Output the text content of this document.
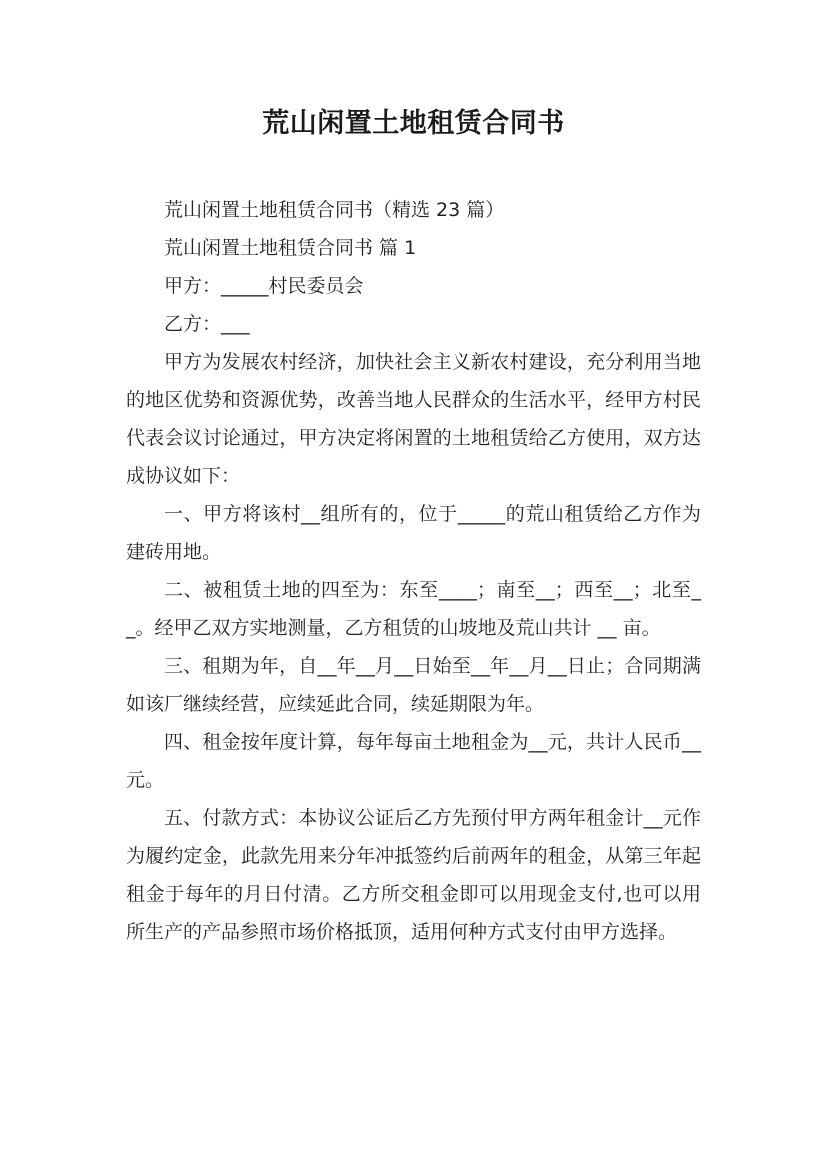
荒山闲置土地租赁合同书

荒山闲置土地租赁合同书（精选 23 篇）

荒山闲置土地租赁合同书 篇 1

甲方：_____村民委员会

乙方：___

甲方为发展农村经济，加快社会主义新农村建设，充分利用当地的地区优势和资源优势，改善当地人民群众的生活水平，经甲方村民代表会议讨论通过，甲方决定将闲置的土地租赁给乙方使用，双方达成协议如下：

一、甲方将该村__组所有的，位于_____的荒山租赁给乙方作为建砖用地。

二、被租赁土地的四至为：东至____；南至__；西至__；北至__。经甲乙双方实地测量，乙方租赁的山坡地及荒山共计 __ 亩。

三、租期为年，自__年__月__日始至__年__月__日止；合同期满如该厂继续经营，应续延此合同，续延期限为年。

四、租金按年度计算，每年每亩土地租金为__元，共计人民币__元。

五、付款方式：本协议公证后乙方先预付甲方两年租金计__元作为履约定金，此款先用来分年冲抵签约后前两年的租金，从第三年起租金于每年的月日付清。乙方所交租金即可以用现金支付,也可以用所生产的产品参照市场价格抵顶，适用何种方式支付由甲方选择。
